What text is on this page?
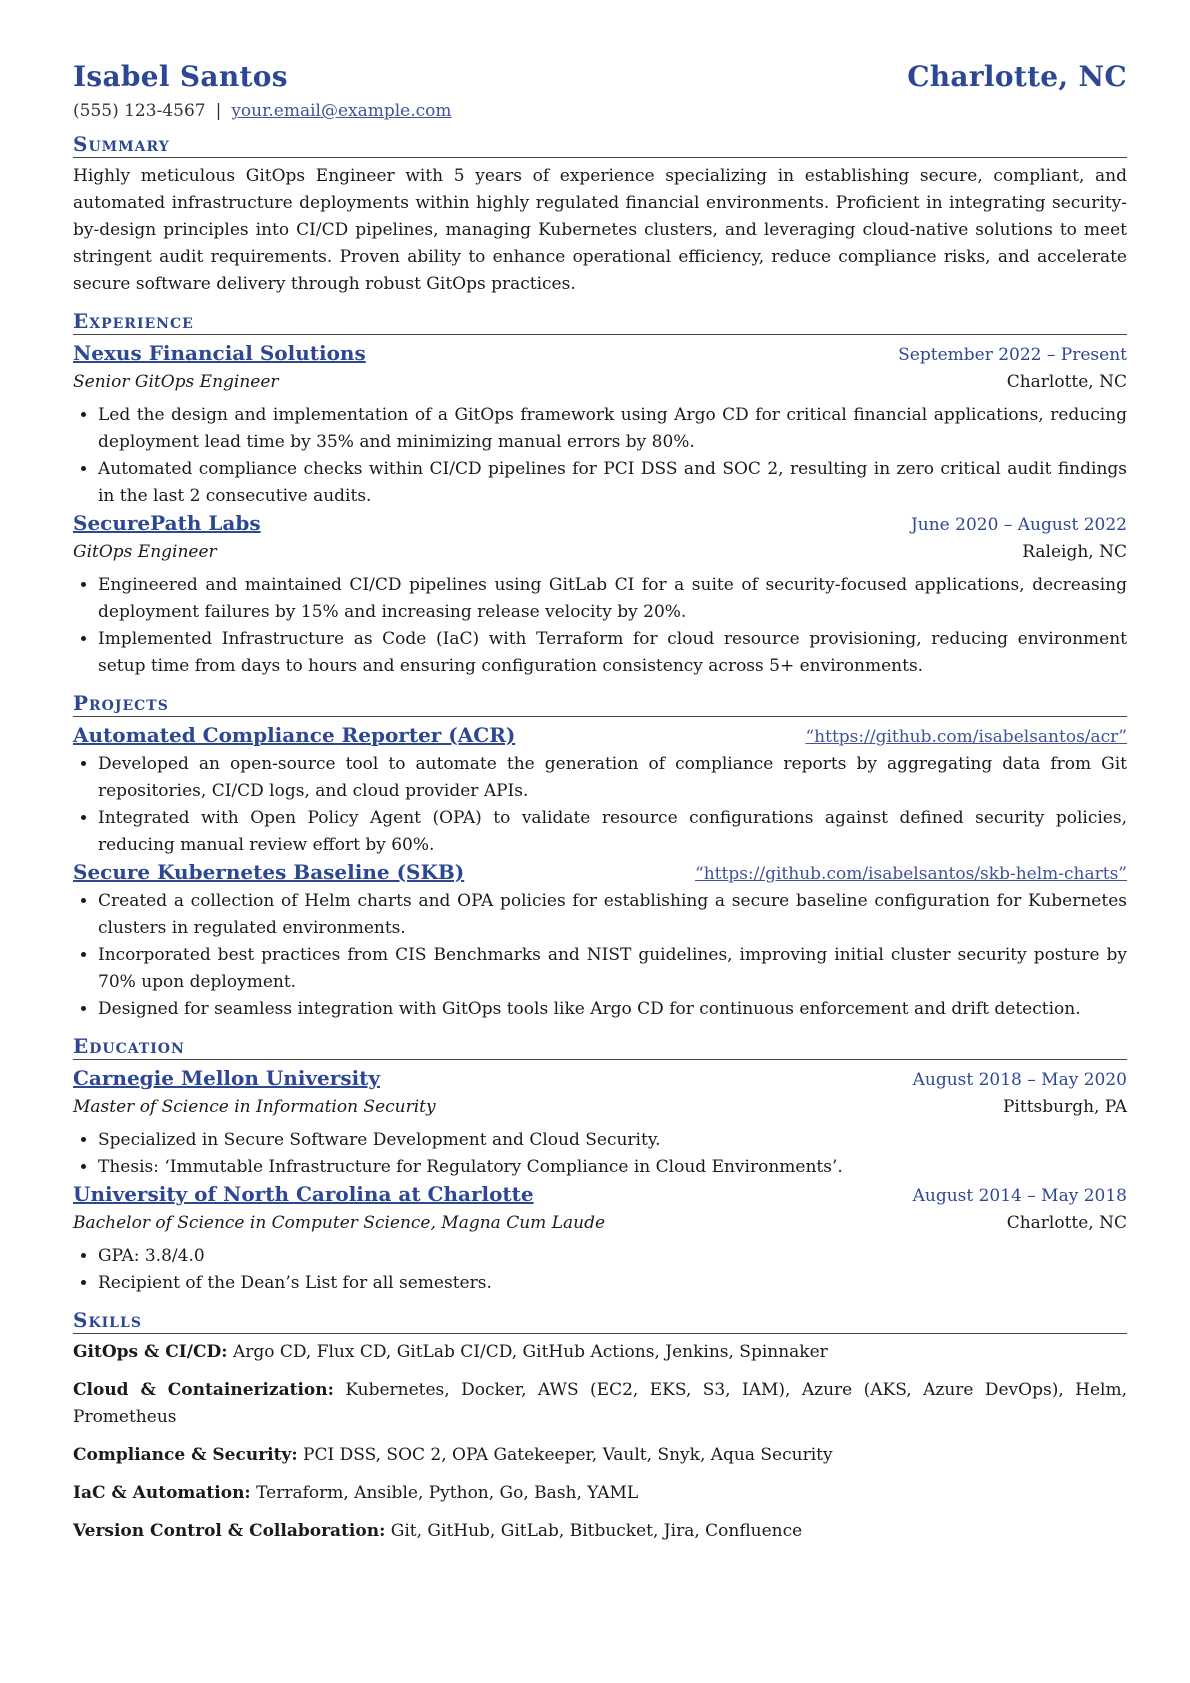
Isabel Santos	Charlotte, NC
(555) 123-4567 | your.email@example.com
Summary

Highly meticulous GitOps Engineer with 5 years of experience specializing in establishing secure, compliant, and automated infrastructure deployments within highly regulated financial environments. Proficient in integrating security-by-design principles into CI/CD pipelines, managing Kubernetes clusters, and leveraging cloud-native solutions to meet stringent audit requirements. Proven ability to enhance operational efficiency, reduce compliance risks, and accelerate secure software delivery through robust GitOps practices.

Experience
Nexus Financial Solutions	September 2022 – Present
Senior GitOps Engineer	Charlotte, NC
• Led the design and implementation of a GitOps framework using Argo CD for critical financial applications, reducing deployment lead time by 35% and minimizing manual errors by 80%.
• Automated compliance checks within CI/CD pipelines for PCI DSS and SOC 2, resulting in zero critical audit findings in the last 2 consecutive audits.
SecurePath Labs	June 2020 – August 2022
GitOps Engineer	Raleigh, NC
• Engineered and maintained CI/CD pipelines using GitLab CI for a suite of security-focused applications, decreasing deployment failures by 15% and increasing release velocity by 20%.
• Implemented Infrastructure as Code (IaC) with Terraform for cloud resource provisioning, reducing environment setup time from days to hours and ensuring configuration consistency across 5+ environments.
Projects
Automated Compliance Reporter (ACR)	“https://github.com/isabelsantos/acr”
• Developed an open-source tool to automate the generation of compliance reports by aggregating data from Git repositories, CI/CD logs, and cloud provider APIs.
• Integrated with Open Policy Agent (OPA) to validate resource configurations against defined security policies, reducing manual review effort by 60%.
Secure Kubernetes Baseline (SKB)	“https://github.com/isabelsantos/skb-helm-charts”
• Created a collection of Helm charts and OPA policies for establishing a secure baseline configuration for Kubernetes clusters in regulated environments.
• Incorporated best practices from CIS Benchmarks and NIST guidelines, improving initial cluster security posture by 70% upon deployment.
• Designed for seamless integration with GitOps tools like Argo CD for continuous enforcement and drift detection.
Education
Carnegie Mellon University	August 2018 – May 2020
Master of Science in Information Security	Pittsburgh, PA
• Specialized in Secure Software Development and Cloud Security.
• Thesis: ‘Immutable Infrastructure for Regulatory Compliance in Cloud Environments’.
University of North Carolina at Charlotte	August 2014 – May 2018
Bachelor of Science in Computer Science, Magna Cum Laude	Charlotte, NC
• GPA: 3.8/4.0
• Recipient of the Dean’s List for all semesters.
Skills

GitOps & CI/CD: Argo CD, Flux CD, GitLab CI/CD, GitHub Actions, Jenkins, Spinnaker

Cloud & Containerization: Kubernetes, Docker, AWS (EC2, EKS, S3, IAM), Azure (AKS, Azure DevOps), Helm, Prometheus

Compliance & Security: PCI DSS, SOC 2, OPA Gatekeeper, Vault, Snyk, Aqua Security

IaC & Automation: Terraform, Ansible, Python, Go, Bash, YAML

Version Control & Collaboration: Git, GitHub, GitLab, Bitbucket, Jira, Confluence
